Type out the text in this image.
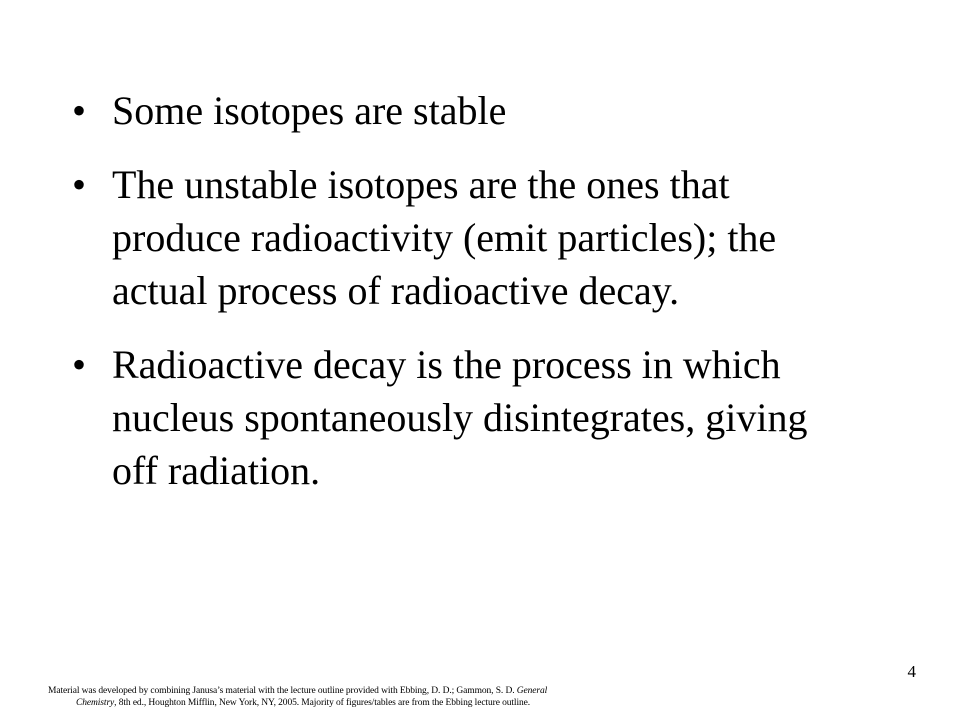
• Some isotopes are stable
• The unstable isotopes are the ones that produce radioactivity (emit particles); the actual process of radioactive decay.
• Radioactive decay is the process in which nucleus spontaneously disintegrates, giving off radiation.
4
Material was developed by combining Janusa’s material with the lecture outline provided with Ebbing, D. D.; Gammon, S. D. General
Chemistry, 8th ed., Houghton Mifflin, New York, NY, 2005. Majority of figures/tables are from the Ebbing lecture outline.
